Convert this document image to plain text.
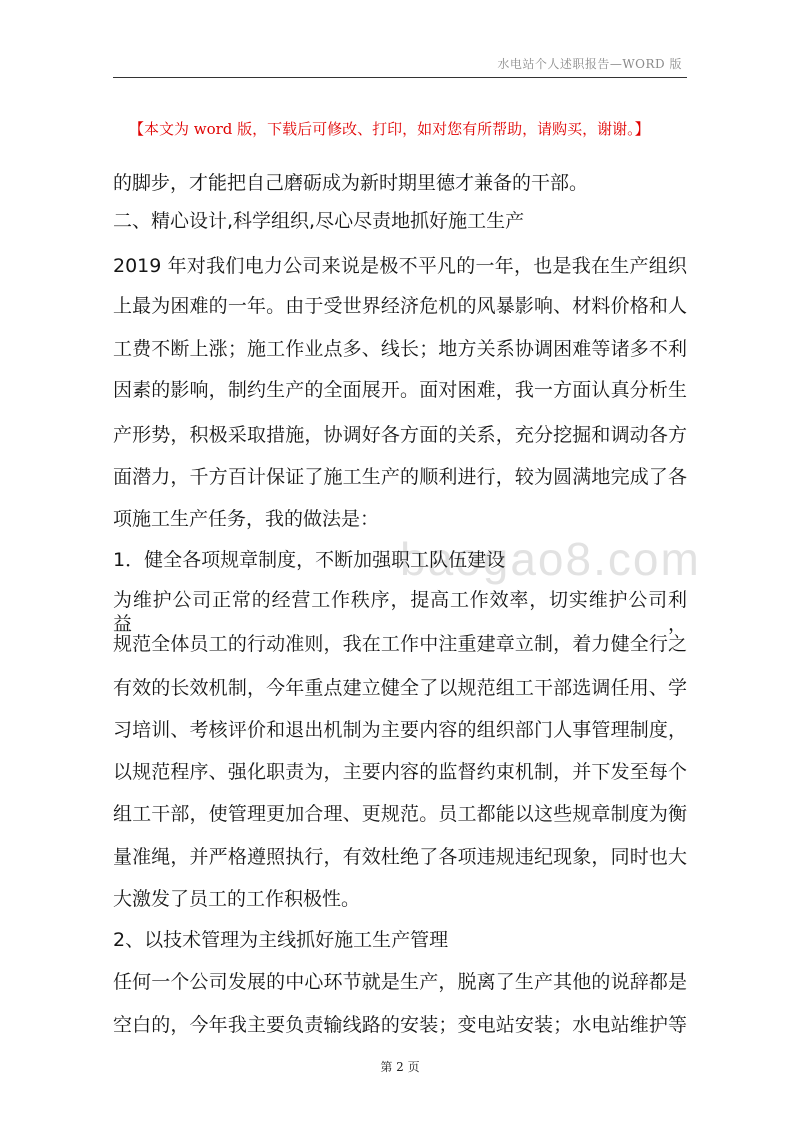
水电站个人述职报告—WORD 版
【本文为 word 版，下载后可修改、打印，如对您有所帮助，请购买，谢谢。】
baogao8.com
的脚步，才能把自己磨砺成为新时期里德才兼备的干部。
二、精心设计,科学组织,尽心尽责地抓好施工生产
2019 年对我们电力公司来说是极不平凡的一年，也是我在生产组织
上最为困难的一年。由于受世界经济危机的风暴影响、材料价格和人
工费不断上涨；施工作业点多、线长；地方关系协调困难等诸多不利
因素的影响，制约生产的全面展开。面对困难，我一方面认真分析生
产形势，积极采取措施，协调好各方面的关系，充分挖掘和调动各方
面潜力，千方百计保证了施工生产的顺利进行，较为圆满地完成了各
项施工生产任务，我的做法是：
1．健全各项规章制度，不断加强职工队伍建设
为维护公司正常的经营工作秩序，提高工作效率，切实维护公司利益，
规范全体员工的行动准则，我在工作中注重建章立制，着力健全行之
有效的长效机制，今年重点建立健全了以规范组工干部选调任用、学
习培训、考核评价和退出机制为主要内容的组织部门人事管理制度，
以规范程序、强化职责为，主要内容的监督约束机制，并下发至每个
组工干部，使管理更加合理、更规范。员工都能以这些规章制度为衡
量准绳，并严格遵照执行，有效杜绝了各项违规违纪现象，同时也大
大激发了员工的工作积极性。
2、以技术管理为主线抓好施工生产管理
任何一个公司发展的中心环节就是生产，脱离了生产其他的说辞都是
空白的，今年我主要负责输线路的安装；变电站安装；水电站维护等
第 2 页
